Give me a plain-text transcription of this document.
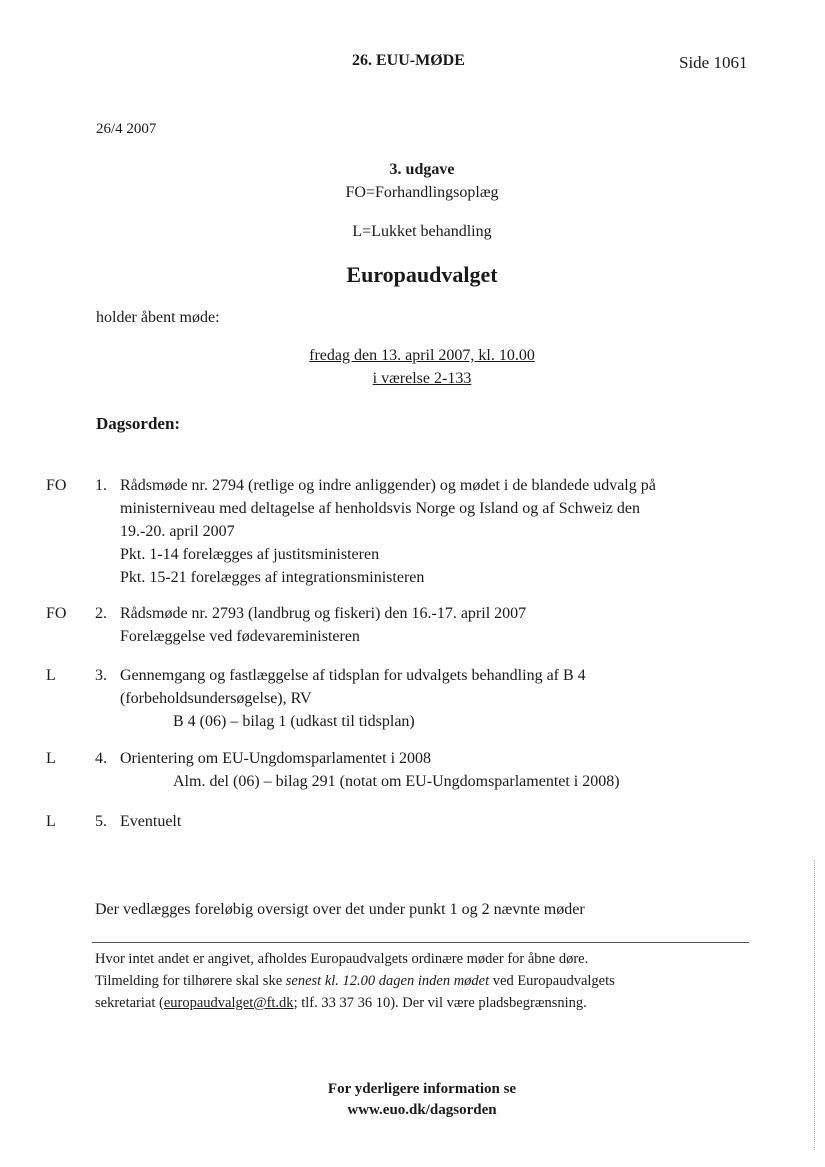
26. EUU-MØDE	Side 1061
26/4 2007
3. udgave
FO=Forhandlingsoplæg
L=Lukket behandling
Europaudvalget
holder åbent møde:
fredag den 13. april 2007, kl. 10.00
i værelse 2-133
Dagsorden:
FO 1. Rådsmøde nr. 2794 (retlige og indre anliggender) og mødet i de blandede udvalg på
ministerniveau med deltagelse af henholdsvis Norge og Island og af Schweiz den
19.-20. april 2007
Pkt. 1-14 forelægges af justitsministeren
Pkt. 15-21 forelægges af integrationsministeren
FO 2. Rådsmøde nr. 2793 (landbrug og fiskeri) den 16.-17. april 2007
Forelæggelse ved fødevareministeren
L 3. Gennemgang og fastlæggelse af tidsplan for udvalgets behandling af B 4
(forbeholdsundersøgelse), RV
B 4 (06) – bilag 1 (udkast til tidsplan)
L 4. Orientering om EU-Ungdomsparlamentet i 2008
Alm. del (06) – bilag 291 (notat om EU-Ungdomsparlamentet i 2008)
L 5. Eventuelt
Der vedlægges foreløbig oversigt over det under punkt 1 og 2 nævnte møder
Hvor intet andet er angivet, afholdes Europaudvalgets ordinære møder for åbne døre.
Tilmelding for tilhørere skal ske senest kl. 12.00 dagen inden mødet ved Europaudvalgets
sekretariat (europaudvalget@ft.dk; tlf. 33 37 36 10). Der vil være pladsbegrænsning.
For yderligere information se
www.euo.dk/dagsorden
